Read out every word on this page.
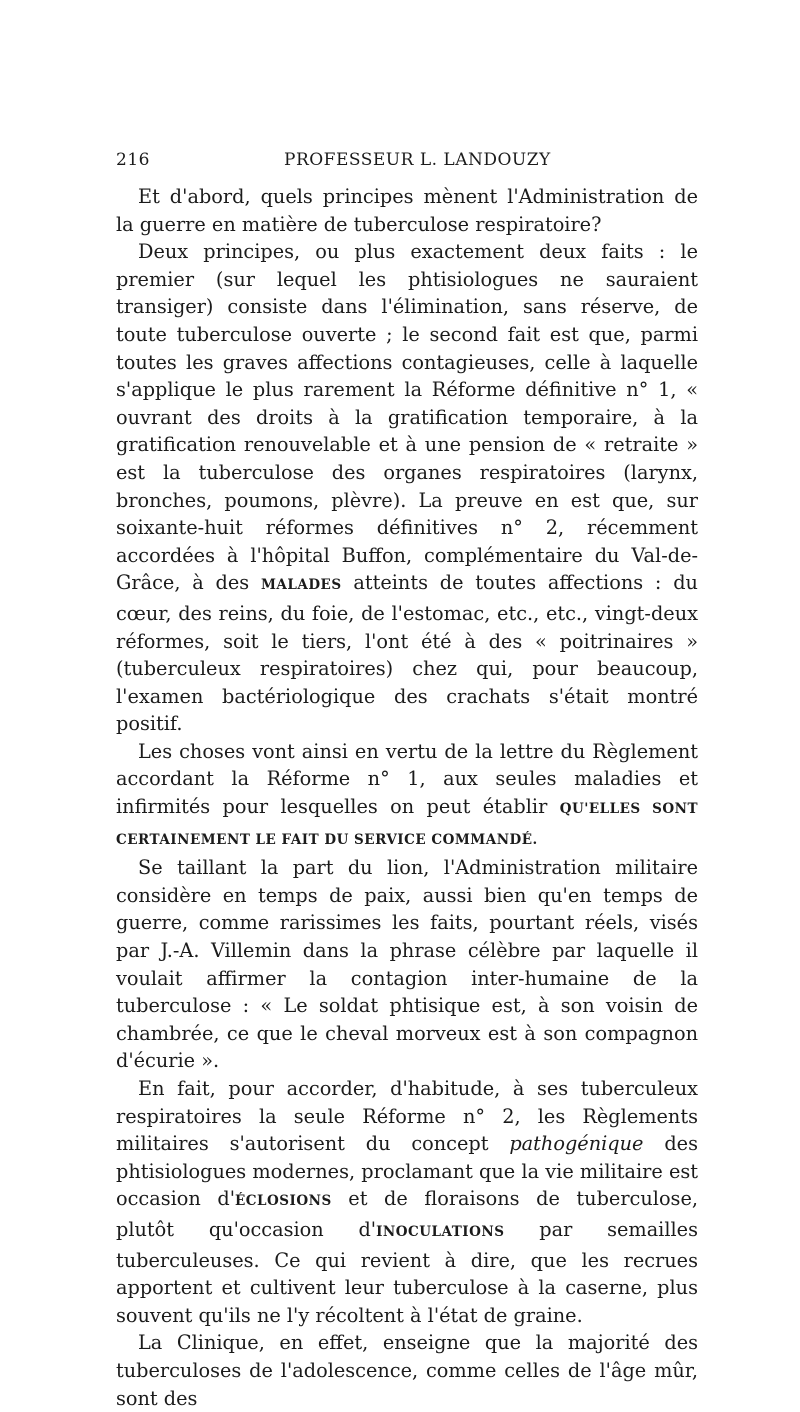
216	PROFESSEUR L. LANDOUZY

Et d'abord, quels principes mènent l'Administration de la guerre en matière de tuberculose respiratoire?

Deux principes, ou plus exactement deux faits : le premier (sur lequel les phtisiologues ne sauraient transiger) consiste dans l'élimination, sans réserve, de toute tuberculose ouverte ; le second fait est que, parmi toutes les graves affections contagieuses, celle à laquelle s'applique le plus rarement la Réforme définitive n° 1, « ouvrant des droits à la gratification temporaire, à la gratification renouvelable et à une pension de « retraite » est la tuberculose des organes respiratoires (larynx, bronches, poumons, plèvre). La preuve en est que, sur soixante-huit réformes définitives n° 2, récemment accordées à l'hôpital Buffon, complémentaire du Val-de-Grâce, à des MALADES atteints de toutes affections : du cœur, des reins, du foie, de l'estomac, etc., etc., vingt-deux réformes, soit le tiers, l'ont été à des « poitrinaires » (tuberculeux respiratoires) chez qui, pour beaucoup, l'examen bactériologique des crachats s'était montré positif.

Les choses vont ainsi en vertu de la lettre du Règlement accordant la Réforme n° 1, aux seules maladies et infirmités pour lesquelles on peut établir QU'ELLES SONT CERTAINEMENT LE FAIT DU SERVICE COMMANDÉ.

Se taillant la part du lion, l'Administration militaire considère en temps de paix, aussi bien qu'en temps de guerre, comme rarissimes les faits, pourtant réels, visés par J.-A. Villemin dans la phrase célèbre par laquelle il voulait affirmer la contagion inter-humaine de la tuberculose : « Le soldat phtisique est, à son voisin de chambrée, ce que le cheval morveux est à son compagnon d'écurie ».

En fait, pour accorder, d'habitude, à ses tuberculeux respiratoires la seule Réforme n° 2, les Règlements militaires s'autorisent du concept pathogénique des phtisiologues modernes, proclamant que la vie militaire est occasion d'ÉCLOSIONS et de floraisons de tuberculose, plutôt qu'occasion d'INOCULATIONS par semailles tuberculeuses. Ce qui revient à dire, que les recrues apportent et cultivent leur tuberculose à la caserne, plus souvent qu'ils ne l'y récoltent à l'état de graine.

La Clinique, en effet, enseigne que la majorité des tuberculoses de l'adolescence, comme celles de l'âge mûr, sont des
